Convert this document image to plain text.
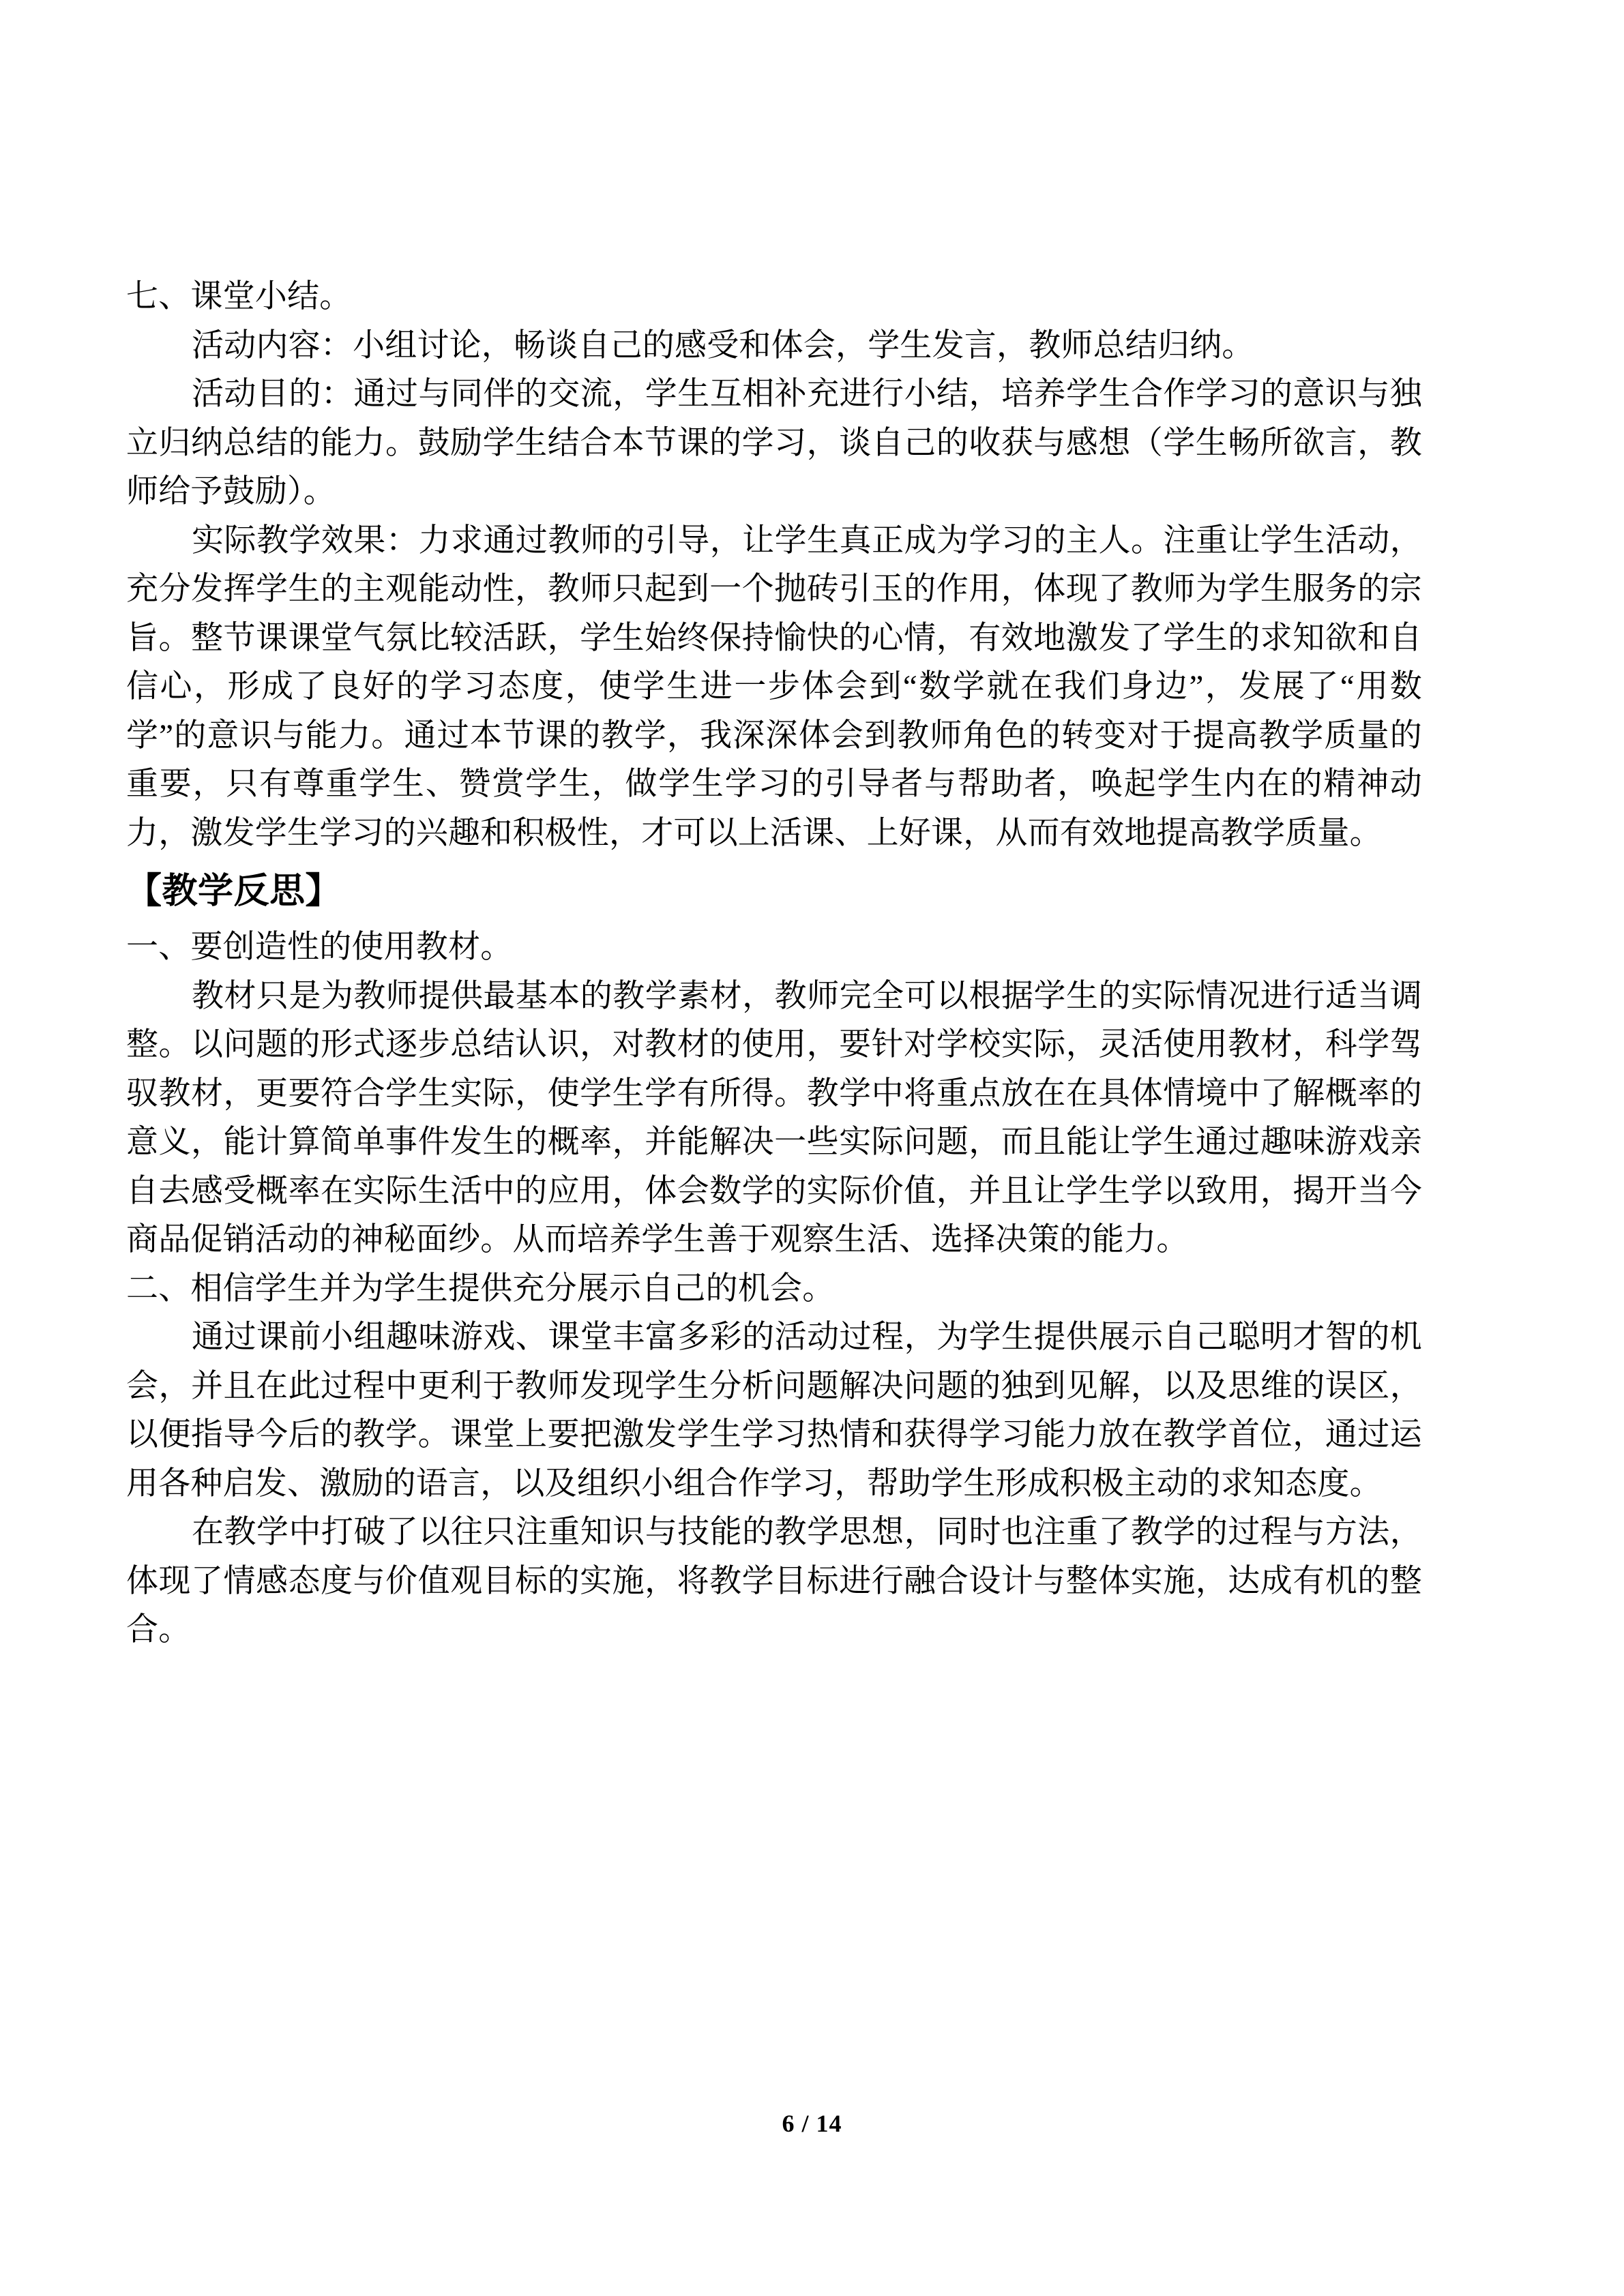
七、课堂小结。

活动内容：小组讨论，畅谈自己的感受和体会，学生发言，教师总结归纳。

活动目的：通过与同伴的交流，学生互相补充进行小结，培养学生合作学习的意识与独立归纳总结的能力。鼓励学生结合本节课的学习，谈自己的收获与感想（学生畅所欲言，教师给予鼓励）。

实际教学效果：力求通过教师的引导，让学生真正成为学习的主人。注重让学生活动，充分发挥学生的主观能动性，教师只起到一个抛砖引玉的作用，体现了教师为学生服务的宗旨。整节课课堂气氛比较活跃，学生始终保持愉快的心情，有效地激发了学生的求知欲和自信心，形成了良好的学习态度，使学生进一步体会到“数学就在我们身边”，发展了“用数学”的意识与能力。通过本节课的教学，我深深体会到教师角色的转变对于提高教学质量的重要，只有尊重学生、赞赏学生，做学生学习的引导者与帮助者，唤起学生内在的精神动力，激发学生学习的兴趣和积极性，才可以上活课、上好课，从而有效地提高教学质量。

【教学反思】

一、要创造性的使用教材。

教材只是为教师提供最基本的教学素材，教师完全可以根据学生的实际情况进行适当调整。以问题的形式逐步总结认识，对教材的使用，要针对学校实际，灵活使用教材，科学驾驭教材，更要符合学生实际，使学生学有所得。教学中将重点放在在具体情境中了解概率的意义，能计算简单事件发生的概率，并能解决一些实际问题，而且能让学生通过趣味游戏亲自去感受概率在实际生活中的应用，体会数学的实际价值，并且让学生学以致用，揭开当今商品促销活动的神秘面纱。从而培养学生善于观察生活、选择决策的能力。

二、相信学生并为学生提供充分展示自己的机会。

通过课前小组趣味游戏、课堂丰富多彩的活动过程，为学生提供展示自己聪明才智的机会，并且在此过程中更利于教师发现学生分析问题解决问题的独到见解，以及思维的误区，以便指导今后的教学。课堂上要把激发学生学习热情和获得学习能力放在教学首位，通过运用各种启发、激励的语言，以及组织小组合作学习，帮助学生形成积极主动的求知态度。

在教学中打破了以往只注重知识与技能的教学思想，同时也注重了教学的过程与方法，体现了情感态度与价值观目标的实施，将教学目标进行融合设计与整体实施，达成有机的整合。

6 / 14
